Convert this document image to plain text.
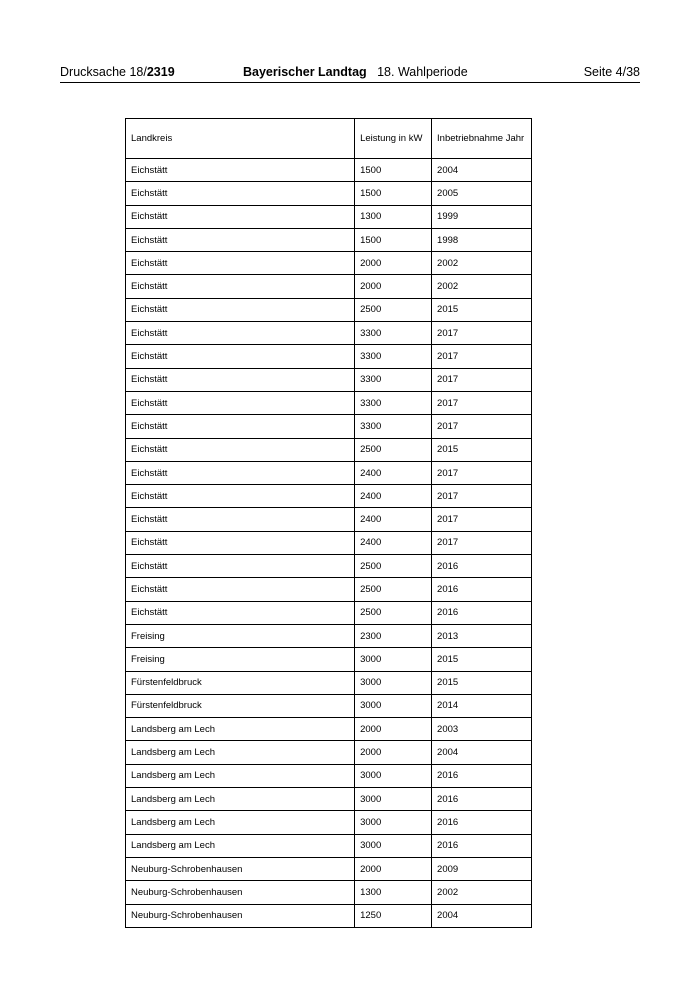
Drucksache 18/2319	Bayerischer Landtag 18. Wahlperiode	Seite 4/38
Landkreis	Leistung in kW	Inbetriebnahme Jahr
Eichstätt	1500	2004
Eichstätt	1500	2005
Eichstätt	1300	1999
Eichstätt	1500	1998
Eichstätt	2000	2002
Eichstätt	2000	2002
Eichstätt	2500	2015
Eichstätt	3300	2017
Eichstätt	3300	2017
Eichstätt	3300	2017
Eichstätt	3300	2017
Eichstätt	3300	2017
Eichstätt	2500	2015
Eichstätt	2400	2017
Eichstätt	2400	2017
Eichstätt	2400	2017
Eichstätt	2400	2017
Eichstätt	2500	2016
Eichstätt	2500	2016
Eichstätt	2500	2016
Freising	2300	2013
Freising	3000	2015
Fürstenfeldbruck	3000	2015
Fürstenfeldbruck	3000	2014
Landsberg am Lech	2000	2003
Landsberg am Lech	2000	2004
Landsberg am Lech	3000	2016
Landsberg am Lech	3000	2016
Landsberg am Lech	3000	2016
Landsberg am Lech	3000	2016
Neuburg-Schrobenhausen	2000	2009
Neuburg-Schrobenhausen	1300	2002
Neuburg-Schrobenhausen	1250	2004
